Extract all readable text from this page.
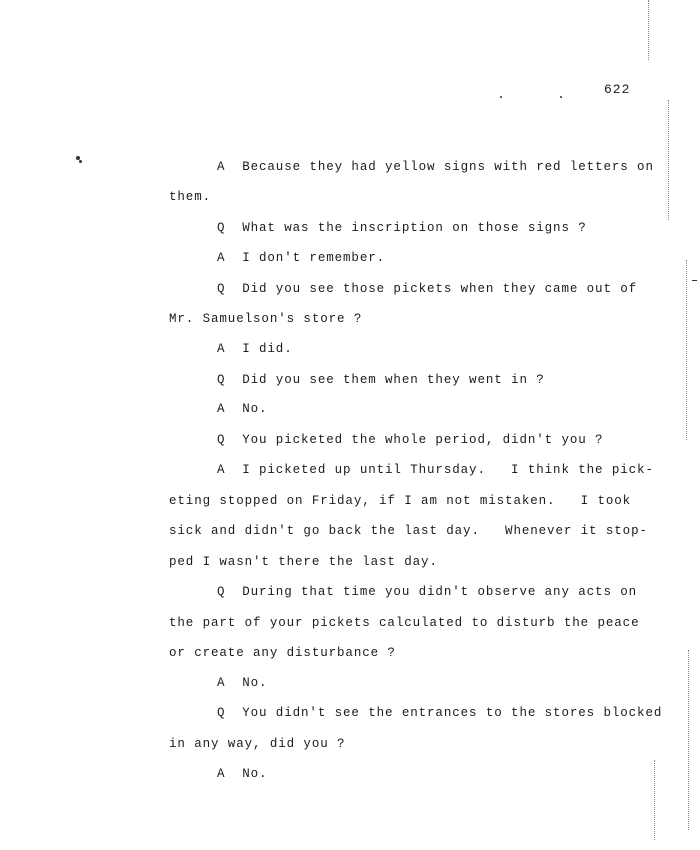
622
A  Because they had yellow signs with red letters on
them.
Q  What was the inscription on those signs ?
A  I don't remember.
Q  Did you see those pickets when they came out of
Mr. Samuelson's store ?
A  I did.
Q  Did you see them when they went in ?
A  No.
Q  You picketed the whole period, didn't you ?
A  I picketed up until Thursday.   I think the pick-
eting stopped on Friday, if I am not mistaken.   I took
sick and didn't go back the last day.   Whenever it stop-
ped I wasn't there the last day.
Q  During that time you didn't observe any acts on
the part of your pickets calculated to disturb the peace
or create any disturbance ?
A  No.
Q  You didn't see the entrances to the stores blocked
in any way, did you ?
A  No.
